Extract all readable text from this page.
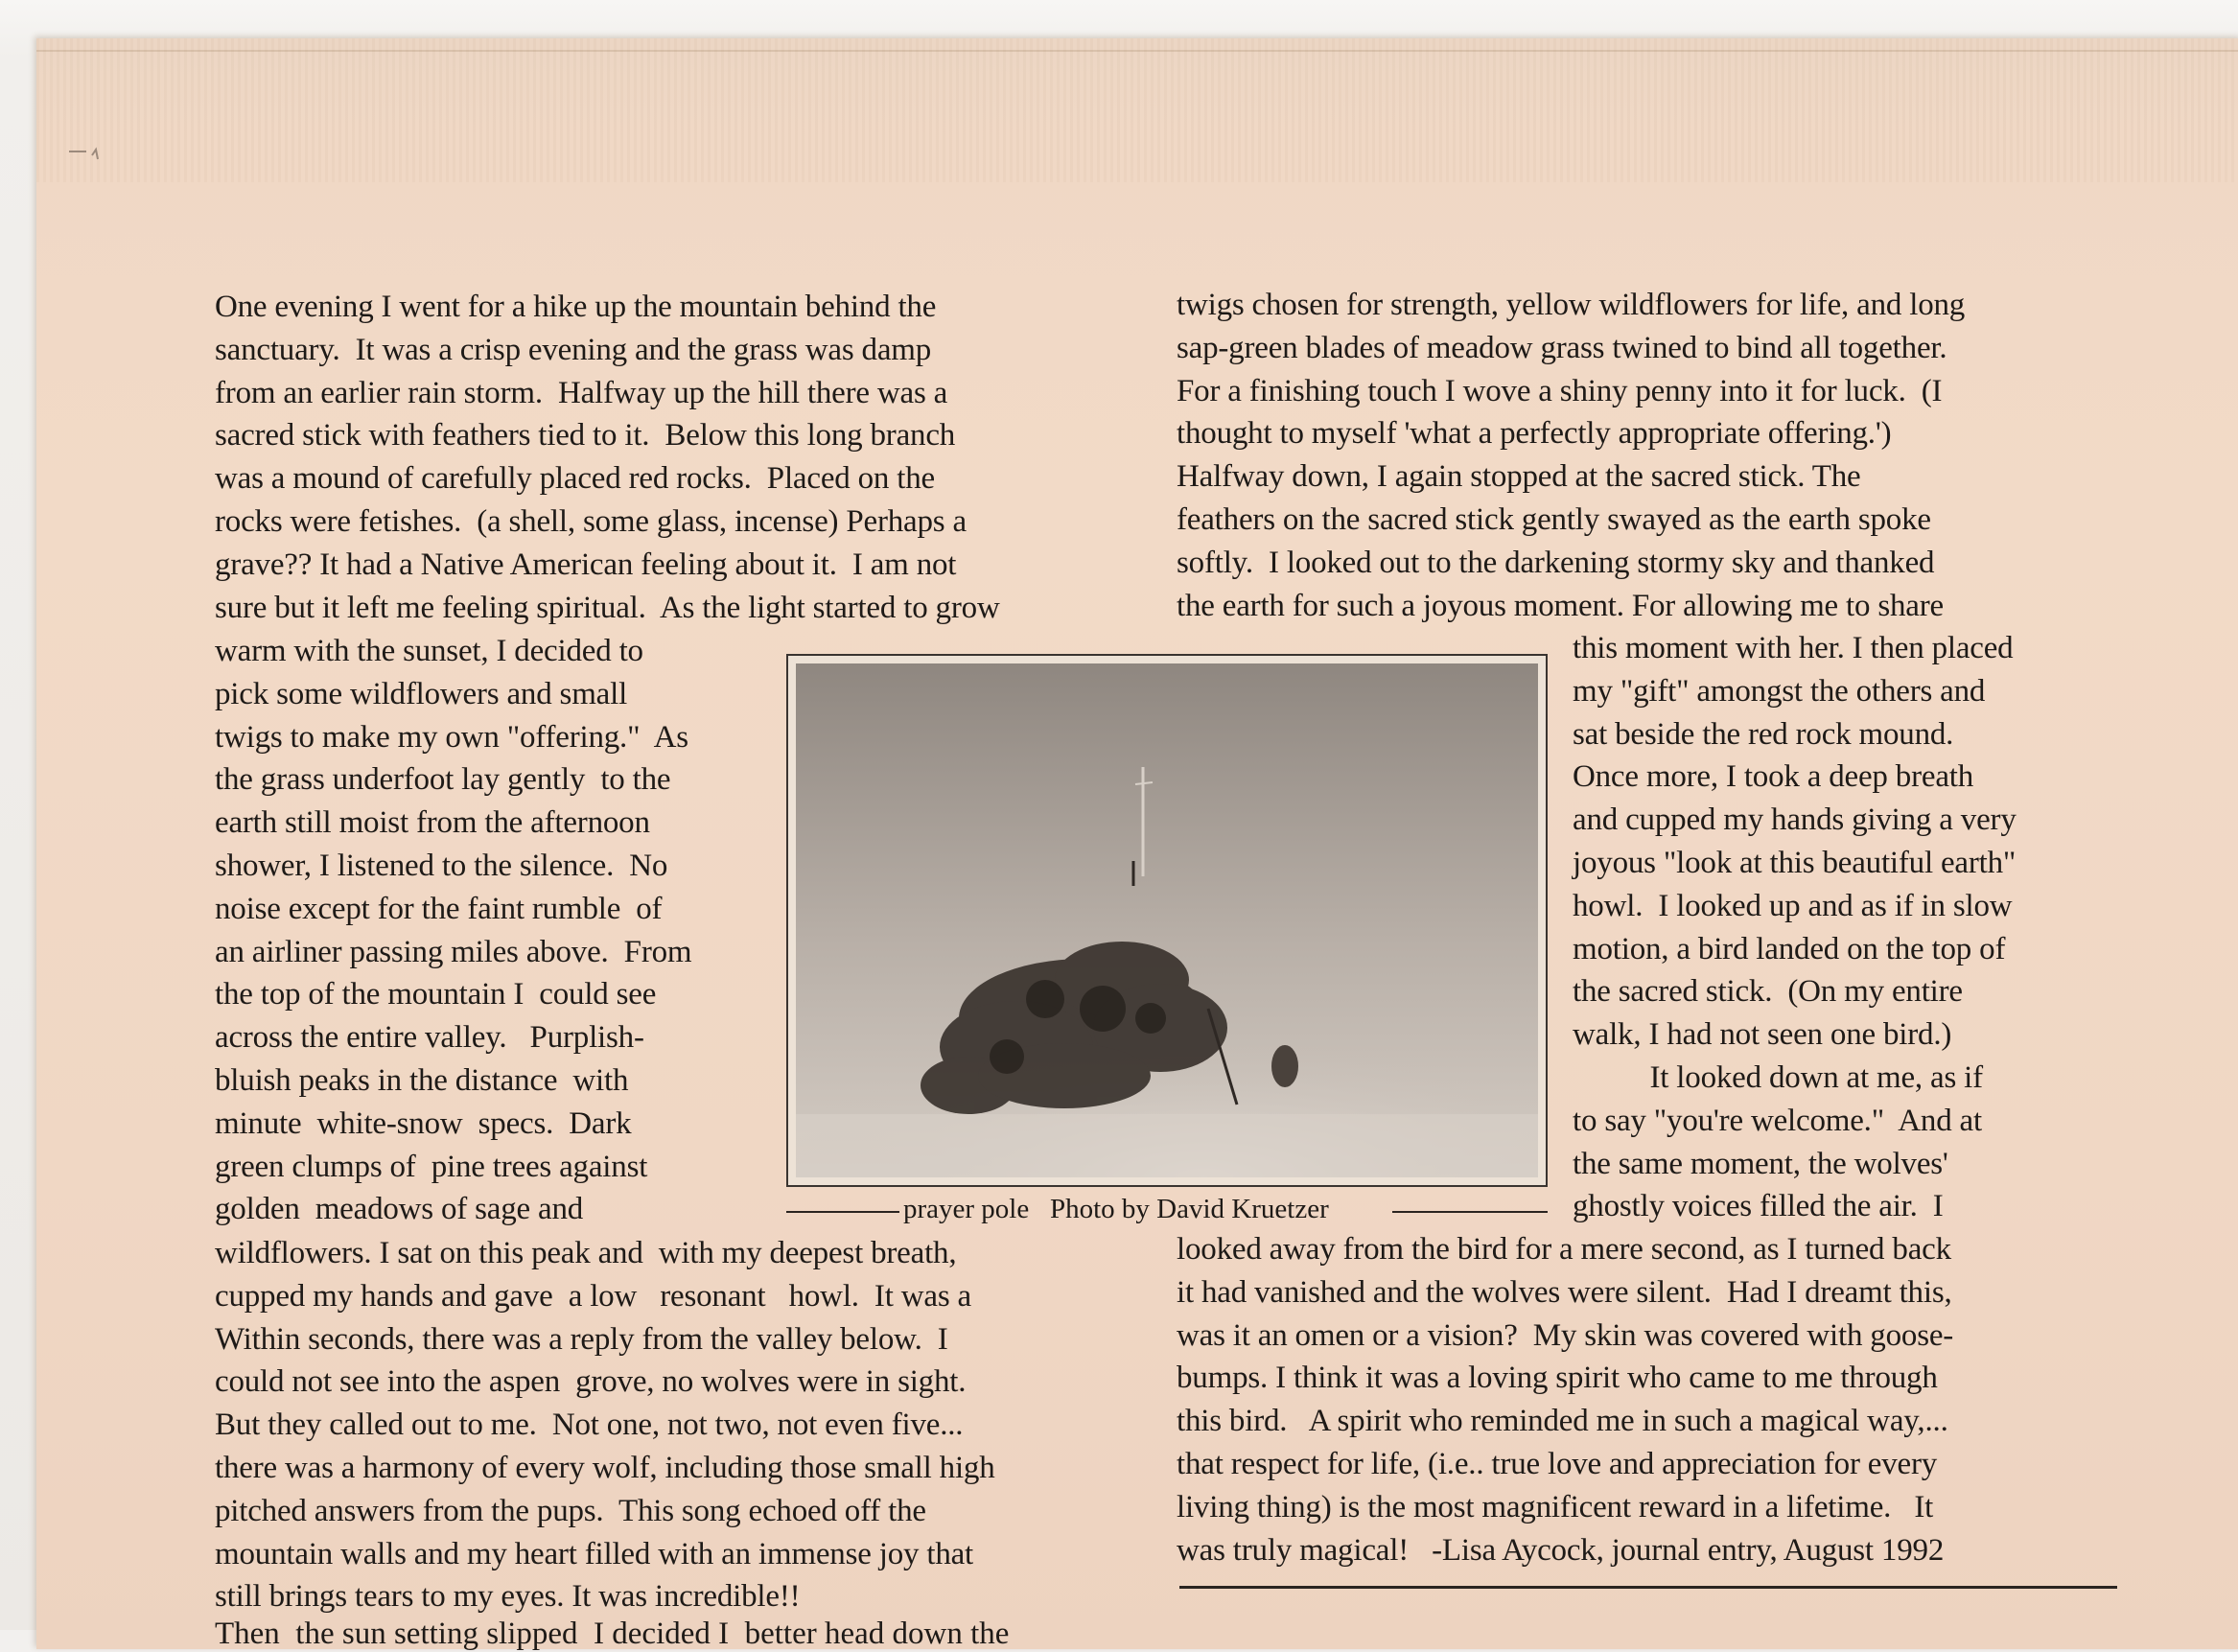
One evening I went for a hike up the mountain behind the
sanctuary.  It was a crisp evening and the grass was damp
from an earlier rain storm.  Halfway up the hill there was a
sacred stick with feathers tied to it.  Below this long branch
was a mound of carefully placed red rocks.  Placed on the
rocks were fetishes.  (a shell, some glass, incense) Perhaps a
grave?? It had a Native American feeling about it.  I am not
sure but it left me feeling spiritual.  As the light started to grow

warm with the sunset, I decided to
pick some wildflowers and small
twigs to make my own "offering."  As
the grass underfoot lay gently  to the
earth still moist from the afternoon
shower, I listened to the silence.  No
noise except for the faint rumble  of
an airliner passing miles above.  From
the top of the mountain I  could see
across the entire valley.   Purplish-
bluish peaks in the distance  with
minute  white-snow  specs.  Dark
green clumps of  pine trees against
golden  meadows of sage and

wildflowers. I sat on this peak and  with my deepest breath,
cupped my hands and gave  a low   resonant   howl.  It was a
Within seconds, there was a reply from the valley below.  I
could not see into the aspen  grove, no wolves were in sight.
But they called out to me.  Not one, not two, not even five...
there was a harmony of every wolf, including those small high
pitched answers from the pups.  This song echoed off the
mountain walls and my heart filled with an immense joy that
still brings tears to my eyes. It was incredible!!

twigs chosen for strength, yellow wildflowers for life, and long
sap-green blades of meadow grass twined to bind all together.
For a finishing touch I wove a shiny penny into it for luck.  (I
thought to myself 'what a perfectly appropriate offering.')
Halfway down, I again stopped at the sacred stick. The
feathers on the sacred stick gently swayed as the earth spoke
softly.  I looked out to the darkening stormy sky and thanked
the earth for such a joyous moment. For allowing me to share

this moment with her. I then placed
my "gift" amongst the others and
sat beside the red rock mound.
Once more, I took a deep breath
and cupped my hands giving a very
joyous "look at this beautiful earth"
howl.  I looked up and as if in slow
motion, a bird landed on the top of
the sacred stick.  (On my entire
walk, I had not seen one bird.)
It looked down at me, as if
to say "you're welcome."  And at
the same moment, the wolves'
ghostly voices filled the air.  I

looked away from the bird for a mere second, as I turned back
it had vanished and the wolves were silent.  Had I dreamt this,
was it an omen or a vision?  My skin was covered with goose-
bumps. I think it was a loving spirit who came to me through
this bird.   A spirit who reminded me in such a magical way,...
that respect for life, (i.e.. true love and appreciation for every
living thing) is the most magnificent reward in a lifetime.   It
was truly magical!   -Lisa Aycock, journal entry, August 1992

prayer pole   Photo by David Kruetzer
Then  the sun setting slipped  I decided I  better head down the
